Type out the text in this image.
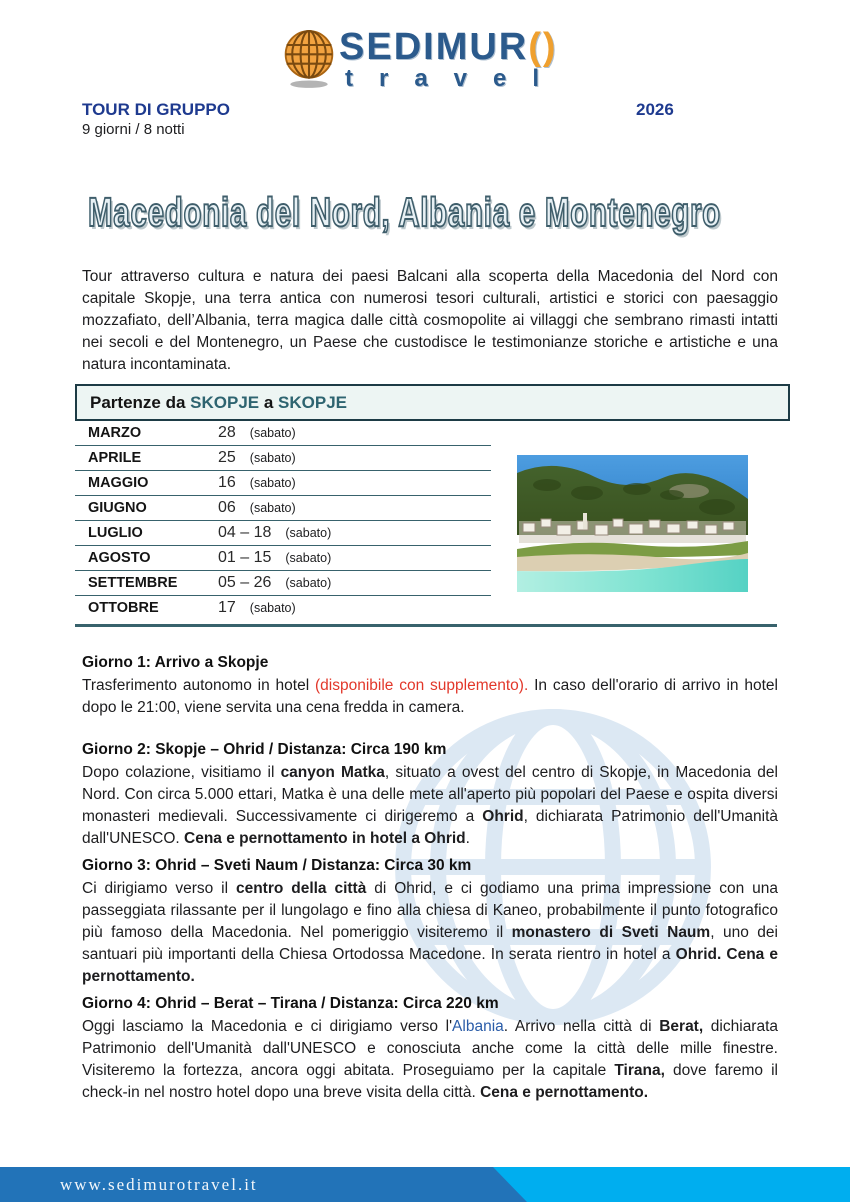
SEDIMUR()
travel
TOUR DI GRUPPO	2026
9 giorni / 8 notti
Macedonia del Nord, Albania e Montenegro
Tour attraverso cultura e natura dei paesi Balcani alla scoperta della Macedonia del Nord con capitale Skopje, una terra antica con numerosi tesori culturali, artistici e storici con paesaggio mozzafiato, dell’Albania, terra magica dalle città cosmopolite ai villaggi che sembrano rimasti intatti nei secoli e del Montenegro, un Paese che custodisce le testimonianze storiche e artistiche e una natura incontaminata.
Partenze da SKOPJE a SKOPJE
MARZO	28 (sabato)
APRILE	25 (sabato)
MAGGIO	16 (sabato)
GIUGNO	06 (sabato)
LUGLIO	04 – 18 (sabato)
AGOSTO	01 – 15 (sabato)
SETTEMBRE	05 – 26 (sabato)
OTTOBRE	17 (sabato)

Giorno 1: Arrivo a Skopje

Trasferimento autonomo in hotel (disponibile con supplemento). In caso dell'orario di arrivo in hotel dopo le 21:00, viene servita una cena fredda in camera.

Giorno 2: Skopje – Ohrid / Distanza: Circa 190 km

Dopo colazione, visitiamo il canyon Matka, situato a ovest del centro di Skopje, in Macedonia del Nord. Con circa 5.000 ettari, Matka è una delle mete all'aperto più popolari del Paese e ospita diversi monasteri medievali. Successivamente ci dirigeremo a Ohrid, dichiarata Patrimonio dell'Umanità dall'UNESCO. Cena e pernottamento in hotel a Ohrid.

Giorno 3: Ohrid – Sveti Naum / Distanza: Circa 30 km

Ci dirigiamo verso il centro della città di Ohrid, e ci godiamo una prima impressione con una passeggiata rilassante per il lungolago e fino alla chiesa di Kaneo, probabilmente il punto fotografico più famoso della Macedonia. Nel pomeriggio visiteremo il monastero di Sveti Naum, uno dei santuari più importanti della Chiesa Ortodossa Macedone. In serata rientro in hotel a Ohrid. Cena e pernottamento.

Giorno 4: Ohrid – Berat – Tirana / Distanza: Circa 220 km

Oggi lasciamo la Macedonia e ci dirigiamo verso l'Albania. Arrivo nella città di Berat, dichiarata Patrimonio dell'Umanità dall'UNESCO e conosciuta anche come la città delle mille finestre. Visiteremo la fortezza, ancora oggi abitata. Proseguiamo per la capitale Tirana, dove faremo il check-in nel nostro hotel dopo una breve visita della città. Cena e pernottamento.

www.sedimurotravel.it
